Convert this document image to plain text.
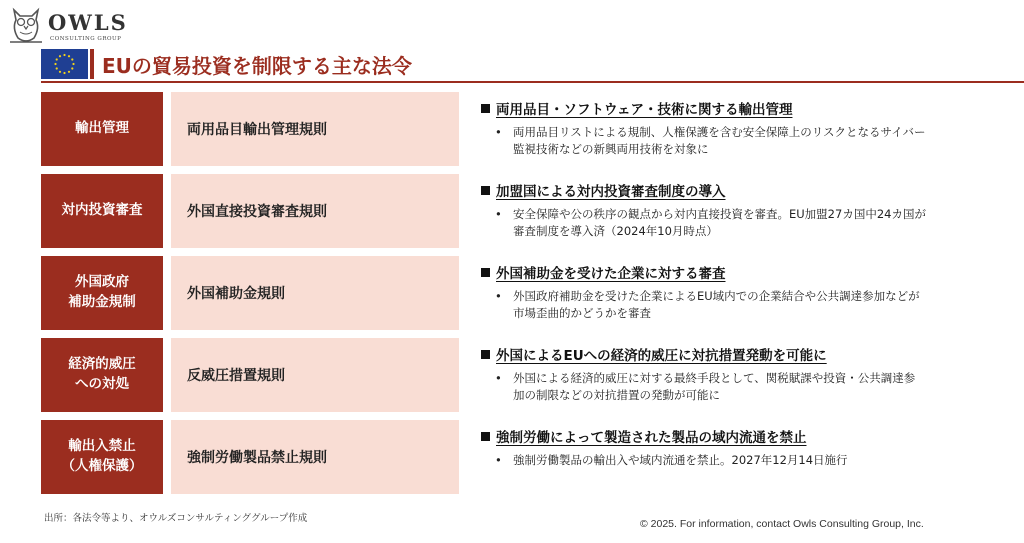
OWLS
CONSULTING GROUP
EUの貿易投資を制限する主な法令
輸出管理	両用品目輸出管理規則
両用品目・ソフトウェア・技術に関する輸出管理
• 両用品目リストによる規制、人権保護を含む安全保障上のリスクとなるサイバー監視技術などの新興両用技術を対象に
対内投資審査	外国直接投資審査規則
加盟国による対内投資審査制度の導入
• 安全保障や公の秩序の観点から対内直接投資を審査。EU加盟27カ国中24カ国が審査制度を導入済（2024年10月時点）
外国政府
補助金規制	外国補助金規則
外国補助金を受けた企業に対する審査
• 外国政府補助金を受けた企業によるEU域内での企業結合や公共調達参加などが市場歪曲的かどうかを審査
経済的威圧
への対処	反威圧措置規則
外国によるEUへの経済的威圧に対抗措置発動を可能に
• 外国による経済的威圧に対する最終手段として、関税賦課や投資・公共調達参加の制限などの対抗措置の発動が可能に
輸出入禁止
（人権保護）	強制労働製品禁止規則
強制労働によって製造された製品の域内流通を禁止
• 強制労働製品の輸出入や域内流通を禁止。2027年12月14日施行
出所：各法令等より、オウルズコンサルティンググループ作成	© 2025. For information, contact Owls Consulting Group, Inc.
